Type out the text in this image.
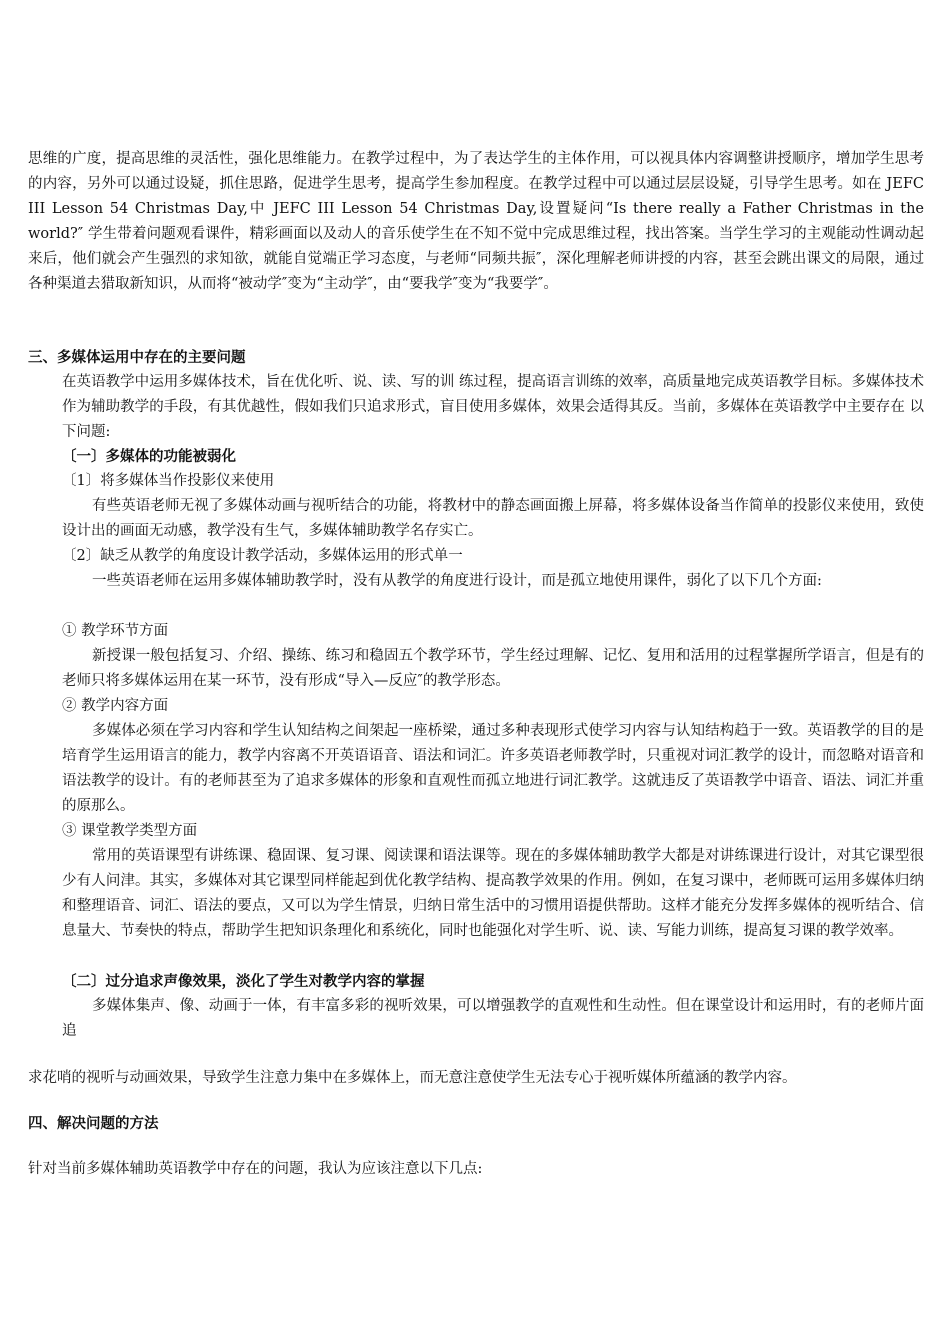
思维的广度，提高思维的灵活性，强化思维能力。在教学过程中，为了表达学生的主体作用，可以视具体内容调整讲授顺序，增加学生思考的内容，另外可以通过设疑，抓住思路，促进学生思考，提高学生参加程度。在教学过程中可以通过层层设疑，引导学生思考。如在 JEFC III Lesson 54 Christmas Day,中 JEFC III Lesson 54 Christmas Day,设置疑问“Is there really a Father Christmas in the world?″ 学生带着问题观看课件，精彩画面以及动人的音乐使学生在不知不觉中完成思维过程，找出答案。当学生学习的主观能动性调动起来后，他们就会产生强烈的求知欲，就能自觉端正学习态度，与老师“同频共振″，深化理解老师讲授的内容，甚至会跳出课文的局限，通过各种渠道去猎取新知识，从而将“被动学″变为“主动学″，由“要我学″变为“我要学″。

三、多媒体运用中存在的主要问题

在英语教学中运用多媒体技术，旨在优化听、说、读、写的训 练过程，提高语言训练的效率，高质量地完成英语教学目标。多媒体技术作为辅助教学的手段，有其优越性，假如我们只追求形式，盲目使用多媒体，效果会适得其反。当前，多媒体在英语教学中主要存在 以下问题:

〔一〕多媒体的功能被弱化
〔1〕将多媒体当作投影仪来使用

有些英语老师无视了多媒体动画与视听结合的功能，将教材中的静态画面搬上屏幕，将多媒体设备当作简单的投影仪来使用，致使设计出的画面无动感，教学没有生气，多媒体辅助教学名存实亡。

〔2〕缺乏从教学的角度设计教学活动，多媒体运用的形式单一

一些英语老师在运用多媒体辅助教学时，没有从教学的角度进行设计，而是孤立地使用课件，弱化了以下几个方面:

① 教学环节方面

新授课一般包括复习、介绍、操练、练习和稳固五个教学环节，学生经过理解、记忆、复用和活用的过程掌握所学语言，但是有的老师只将多媒体运用在某一环节，没有形成“导入—反应″的教学形态。

② 教学内容方面

多媒体必须在学习内容和学生认知结构之间架起一座桥梁，通过多种表现形式使学习内容与认知结构趋于一致。英语教学的目的是培育学生运用语言的能力，教学内容离不开英语语音、语法和词汇。许多英语老师教学时，只重视对词汇教学的设计，而忽略对语音和语法教学的设计。有的老师甚至为了追求多媒体的形象和直观性而孤立地进行词汇教学。这就违反了英语教学中语音、语法、词汇并重的原那么。

③ 课堂教学类型方面

常用的英语课型有讲练课、稳固课、复习课、阅读课和语法课等。现在的多媒体辅助教学大都是对讲练课进行设计，对其它课型很少有人问津。其实，多媒体对其它课型同样能起到优化教学结构、提高教学效果的作用。例如，在复习课中，老师既可运用多媒体归纳和整理语音、词汇、语法的要点，又可以为学生情景，归纳日常生活中的习惯用语提供帮助。这样才能充分发挥多媒体的视听结合、信息量大、节奏快的特点，帮助学生把知识条理化和系统化，同时也能强化对学生听、说、读、写能力训练，提高复习课的教学效率。

〔二〕过分追求声像效果，淡化了学生对教学内容的掌握

多媒体集声、像、动画于一体，有丰富多彩的视听效果，可以增强教学的直观性和生动性。但在课堂设计和运用时，有的老师片面追

求花哨的视听与动画效果，导致学生注意力集中在多媒体上，而无意注意使学生无法专心于视听媒体所蕴涵的教学内容。

四、解决问题的方法

针对当前多媒体辅助英语教学中存在的问题，我认为应该注意以下几点:
